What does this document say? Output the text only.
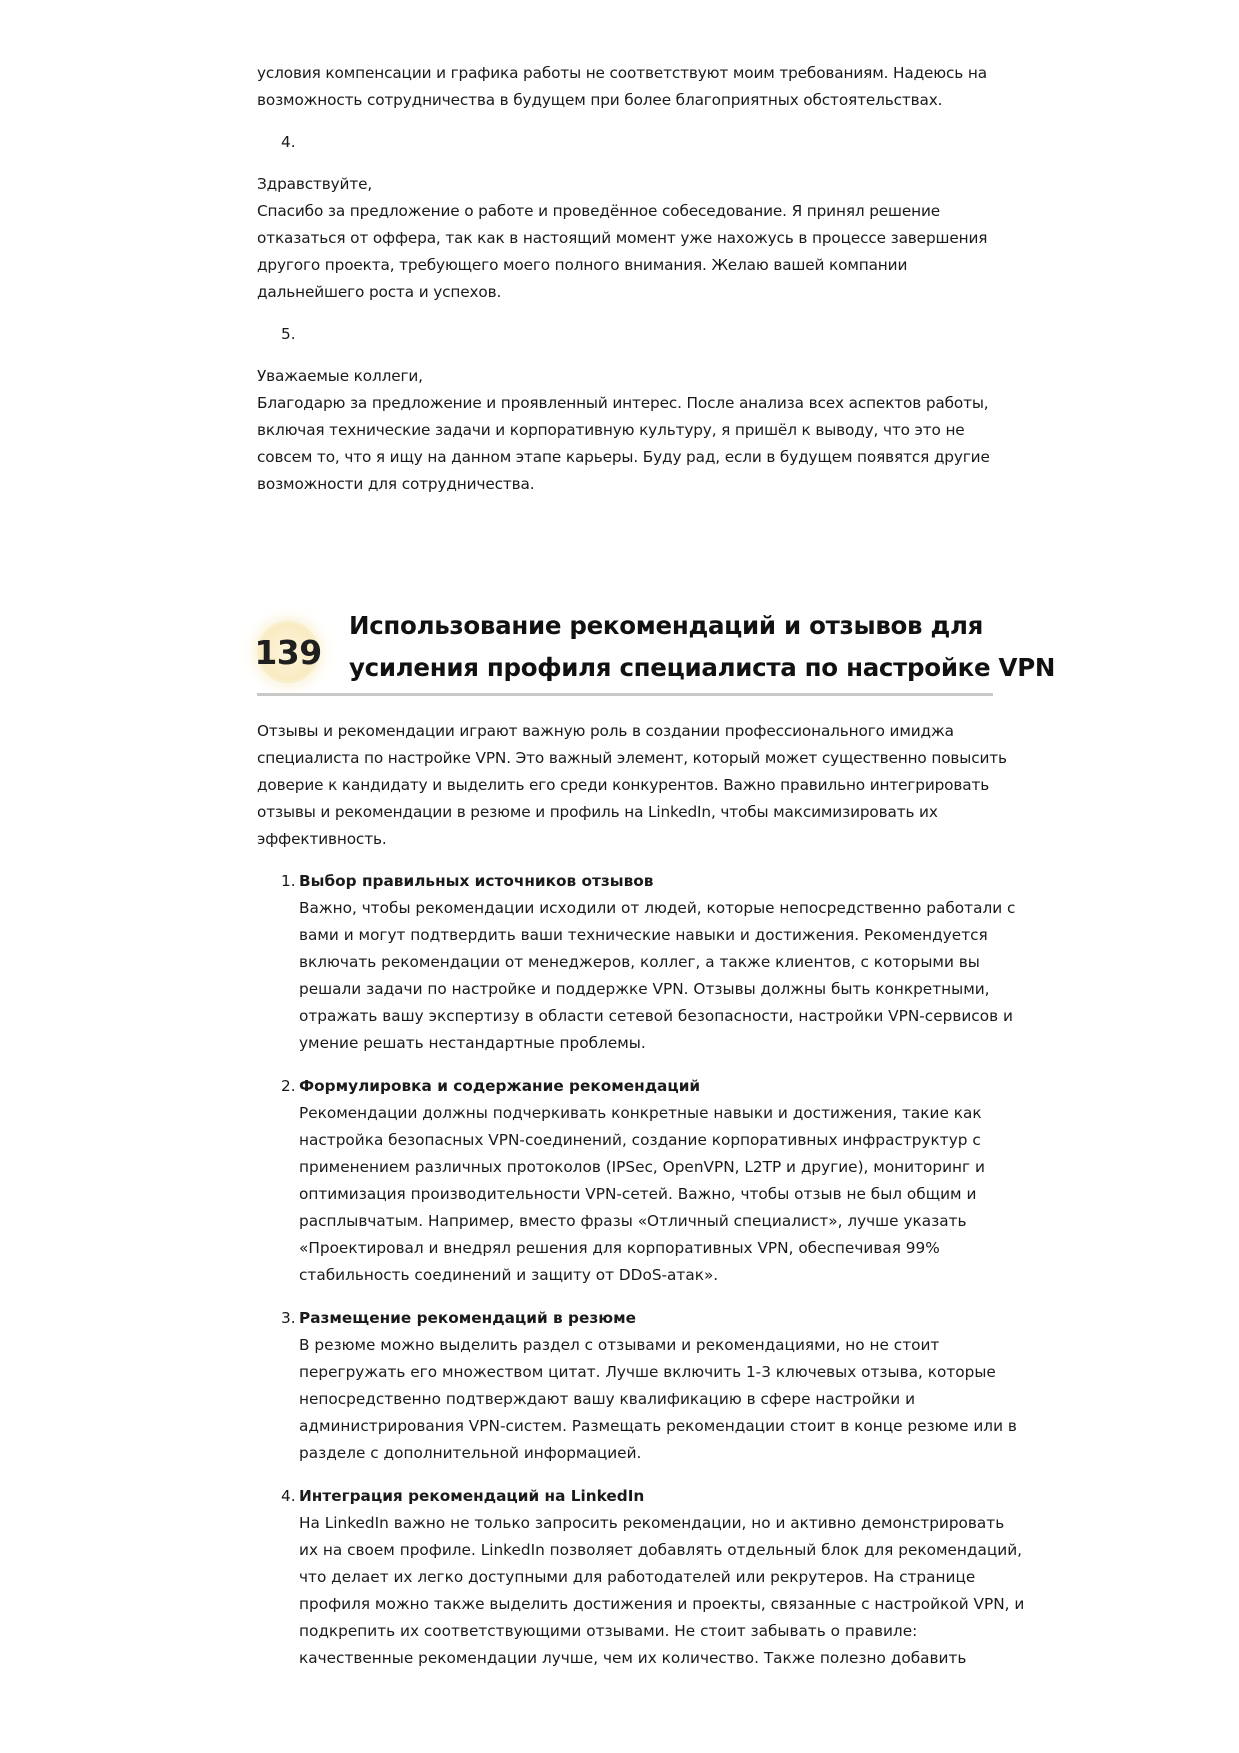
условия компенсации и графика работы не соответствуют моим требованиям. Надеюсь на
возможность сотрудничества в будущем при более благоприятных обстоятельствах.
4.
Здравствуйте,
Спасибо за предложение о работе и проведённое собеседование. Я принял решение
отказаться от оффера, так как в настоящий момент уже нахожусь в процессе завершения
другого проекта, требующего моего полного внимания. Желаю вашей компании
дальнейшего роста и успехов.
5.
Уважаемые коллеги,
Благодарю за предложение и проявленный интерес. После анализа всех аспектов работы,
включая технические задачи и корпоративную культуру, я пришёл к выводу, что это не
совсем то, что я ищу на данном этапе карьеры. Буду рад, если в будущем появятся другие
возможности для сотрудничества.
139
Использование рекомендаций и отзывов для
усиления профиля специалиста по настройке VPN
Отзывы и рекомендации играют важную роль в создании профессионального имиджа
специалиста по настройке VPN. Это важный элемент, который может существенно повысить
доверие к кандидату и выделить его среди конкурентов. Важно правильно интегрировать
отзывы и рекомендации в резюме и профиль на LinkedIn, чтобы максимизировать их
эффективность.
1. Выбор правильных источников отзывов
Важно, чтобы рекомендации исходили от людей, которые непосредственно работали с
вами и могут подтвердить ваши технические навыки и достижения. Рекомендуется
включать рекомендации от менеджеров, коллег, а также клиентов, с которыми вы
решали задачи по настройке и поддержке VPN. Отзывы должны быть конкретными,
отражать вашу экспертизу в области сетевой безопасности, настройки VPN-сервисов и
умение решать нестандартные проблемы.
2. Формулировка и содержание рекомендаций
Рекомендации должны подчеркивать конкретные навыки и достижения, такие как
настройка безопасных VPN-соединений, создание корпоративных инфраструктур с
применением различных протоколов (IPSec, OpenVPN, L2TP и другие), мониторинг и
оптимизация производительности VPN-сетей. Важно, чтобы отзыв не был общим и
расплывчатым. Например, вместо фразы «Отличный специалист», лучше указать
«Проектировал и внедрял решения для корпоративных VPN, обеспечивая 99%
стабильность соединений и защиту от DDoS-атак».
3. Размещение рекомендаций в резюме
В резюме можно выделить раздел с отзывами и рекомендациями, но не стоит
перегружать его множеством цитат. Лучше включить 1-3 ключевых отзыва, которые
непосредственно подтверждают вашу квалификацию в сфере настройки и
администрирования VPN-систем. Размещать рекомендации стоит в конце резюме или в
разделе с дополнительной информацией.
4. Интеграция рекомендаций на LinkedIn
На LinkedIn важно не только запросить рекомендации, но и активно демонстрировать
их на своем профиле. LinkedIn позволяет добавлять отдельный блок для рекомендаций,
что делает их легко доступными для работодателей или рекрутеров. На странице
профиля можно также выделить достижения и проекты, связанные с настройкой VPN, и
подкрепить их соответствующими отзывами. Не стоит забывать о правиле:
качественные рекомендации лучше, чем их количество. Также полезно добавить
